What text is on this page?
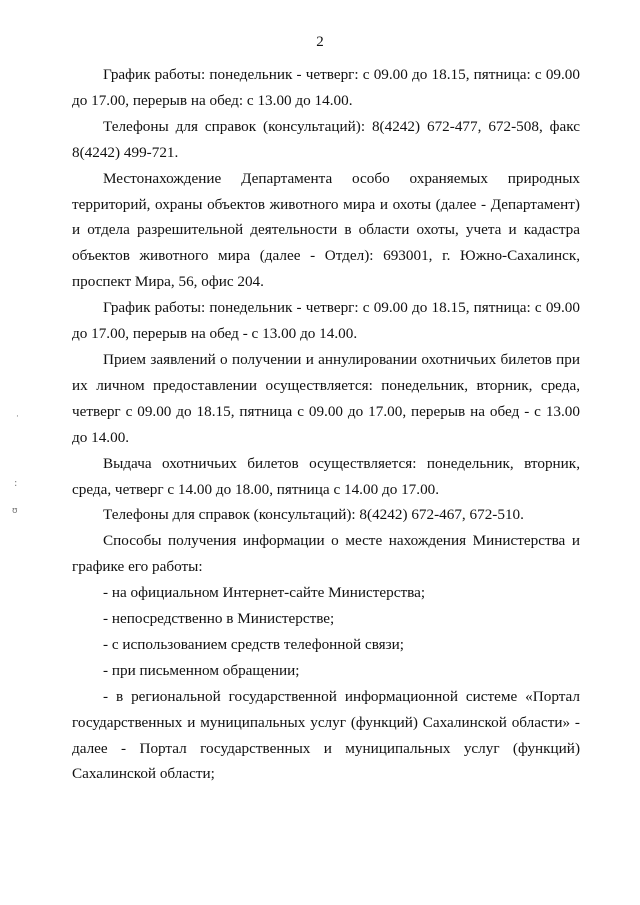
2

График работы: понедельник - четверг: с 09.00 до 18.15, пятница: с 09.00 до 17.00, перерыв на обед: с 13.00 до 14.00.

Телефоны для справок (консультаций): 8(4242) 672-477, 672-508, факс 8(4242) 499-721.

Местонахождение Департамента особо охраняемых природных территорий, охраны объектов животного мира и охоты (далее - Департамент) и отдела разрешительной деятельности в области охоты, учета и кадастра объектов животного мира (далее - Отдел): 693001, г. Южно-Сахалинск, проспект Мира, 56, офис 204.

График работы: понедельник - четверг: с 09.00 до 18.15, пятница: с 09.00 до 17.00, перерыв на обед - с 13.00 до 14.00.

Прием заявлений о получении и аннулировании охотничьих билетов при их личном предоставлении осуществляется: понедельник, вторник, среда, четверг с 09.00 до 18.15, пятница с 09.00 до 17.00, перерыв на обед - с 13.00 до 14.00.

Выдача охотничьих билетов осуществляется: понедельник, вторник, среда, четверг с 14.00 до 18.00, пятница с 14.00 до 17.00.

Телефоны для справок (консультаций): 8(4242) 672-467, 672-510.

Способы получения информации о месте нахождения Министерства и графике его работы:

- на официальном Интернет-сайте Министерства;

- непосредственно в Министерстве;

- с использованием средств телефонной связи;

- при письменном обращении;

- в региональной государственной информационной системе «Портал государственных и муниципальных услуг (функций) Сахалинской области» - далее - Портал государственных и муниципальных услуг (функций) Сахалинской области;

·
:
ʊ
